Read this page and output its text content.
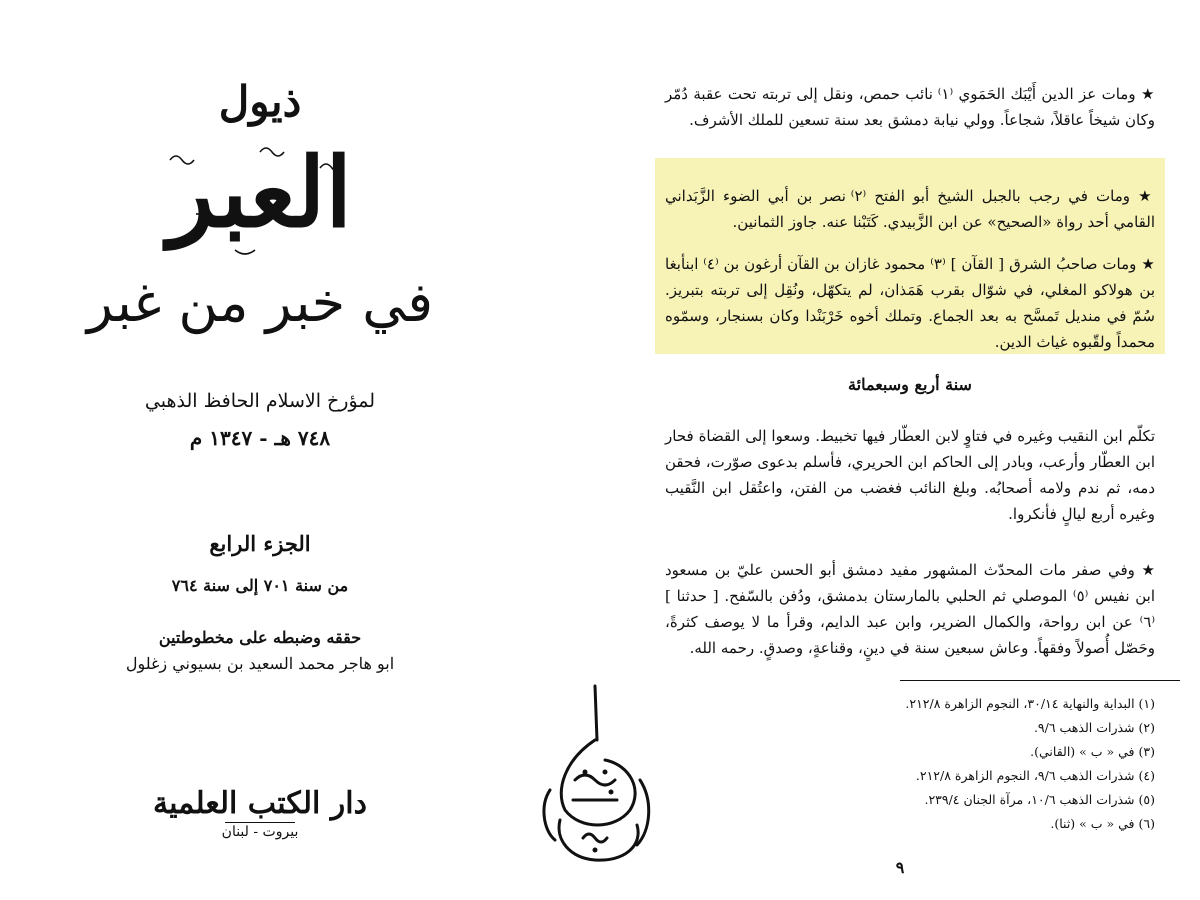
ذيول
العبر
في خبر من غبر
لمؤرخ الاسلام الحافظ الذهبي
٧٤٨ هـ - ١٣٤٧ م
الجزء الرابع
من سنة ٧٠١ إلى سنة ٧٦٤
حققه وضبطه على مخطوطتين
ابو هاجر محمد السعيد بن بسيوني زغلول
دار الكتب العلمية
بيروت - لبنان

★ ومات عز الدين أَيْبَك الحَمَوي ⁽١⁾ نائب حمص، ونقل إلى تربته تحت عقبة دُمّر وكان شيخاً عاقلاً، شجاعاً. وولي نيابة دمشق بعد سنة تسعين للملك الأشرف.

★ ومات في رجب بالجبل الشيخ أبو الفتح ⁽٢⁾ نصر بن أبي الضوء الزَّبَداني القامي أحد رواة «الصحيح» عن ابن الزَّبيدي. كَتَبْنا عنه. جاوز الثمانين.

★ ومات صاحبُ الشرق [ القآن ] ⁽٣⁾ محمود غازان بن القآن أرغون بن ⁽٤⁾ ابنأبغا بن هولاكو المغلي، في شوّال بقرب هَمَذان، لم يتكهّل، ونُقِل إلى تربته بتبريز. سُمّ في منديل تَمسَّح به بعد الجماع. وتملك أخوه خَرْبَنْدا وكان بسنجار، وسمّوه محمداً ولقّبوه غياث الدين.

سنة أربع وسبعمائة

تكلّم ابن النقيب وغيره في فتاوٍ لابن العطّار فيها تخبيط. وسعوا إلى القضاة فحار ابن العطّار وأرعب، وبادر إلى الحاكم ابن الحريري، فأسلم بدعوى صوّرت، فحقن دمه، ثم ندم ولامه أصحابُه. وبلغ النائب فغضب من الفتن، واعتُقل ابن النَّقيب وغيره أربع ليالٍ فأنكروا.

★ وفي صفر مات المحدّث المشهور مفيد دمشق أبو الحسن عليّ بن مسعود ابن نفيس ⁽٥⁾ الموصلي ثم الحلبي بالمارستان بدمشق، ودُفن بالسّفح. [ حدثنا ] ⁽٦⁾ عن ابن رواحة، والكمال الضرير، وابن عبد الدايم، وقرأ ما لا يوصف كثرةً، وحَصّل أُصولاً وفقهاً. وعاش سبعين سنة في دينٍ، وقناعةٍ، وصدقٍ. رحمه الله.

(١) البداية والنهاية ٣٠/١٤، النجوم الزاهرة ٢١٢/٨.
(٢) شذرات الذهب ٩/٦.
(٣) في « ب » (القاني).
(٤) شذرات الذهب ٩/٦، النجوم الزاهرة ٢١٢/٨.
(٥) شذرات الذهب ١٠/٦، مرآة الجنان ٢٣٩/٤.
(٦) في « ب » (ثنا).
٩
